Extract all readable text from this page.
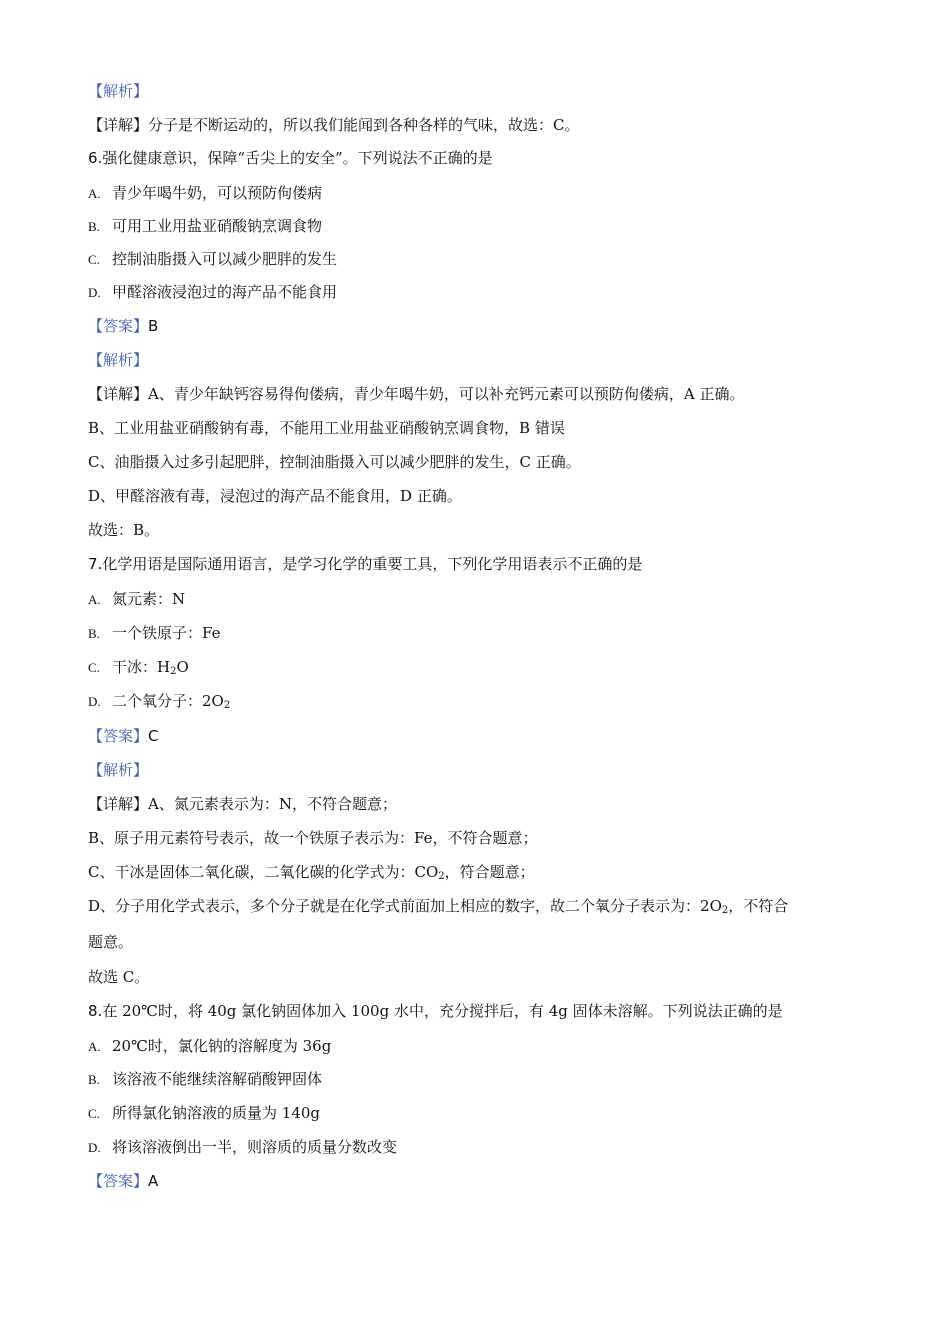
【解析】
【详解】分子是不断运动的，所以我们能闻到各种各样的气味，故选：C。
6.强化健康意识，保障“舌尖上的安全”。下列说法不正确的是
A. 青少年喝牛奶，可以预防佝偻病
B. 可用工业用盐亚硝酸钠烹调食物
C. 控制油脂摄入可以减少肥胖的发生
D. 甲醛溶液浸泡过的海产品不能食用
【答案】B
【解析】
【详解】A、青少年缺钙容易得佝偻病，青少年喝牛奶，可以补充钙元素可以预防佝偻病，A 正确。
B、工业用盐亚硝酸钠有毒，不能用工业用盐亚硝酸钠烹调食物，B 错误
C、油脂摄入过多引起肥胖，控制油脂摄入可以减少肥胖的发生，C 正确。
D、甲醛溶液有毒，浸泡过的海产品不能食用，D 正确。
故选：B。
7.化学用语是国际通用语言，是学习化学的重要工具，下列化学用语表示不正确的是
A. 氮元素：N
B. 一个铁原子：Fe
C. 干冰：$H_2O$
D. 二个氧分子：$2O_2$
【答案】C
【解析】
【详解】A、氮元素表示为：N，不符合题意；
B、原子用元素符号表示，故一个铁原子表示为：Fe，不符合题意；
C、干冰是固体二氧化碳，二氧化碳的化学式为：$CO_2$，符合题意；
D、分子用化学式表示，多个分子就是在化学式前面加上相应的数字，故二个氧分子表示为：$2O_2$，不符合
题意。
故选 C。
8.在 20℃时，将 40g 氯化钠固体加入 100g 水中，充分搅拌后，有 4g 固体未溶解。下列说法正确的是
A. 20℃时，氯化钠的溶解度为 36g
B. 该溶液不能继续溶解硝酸钾固体
C. 所得氯化钠溶液的质量为 140g
D. 将该溶液倒出一半，则溶质的质量分数改变
【答案】A
